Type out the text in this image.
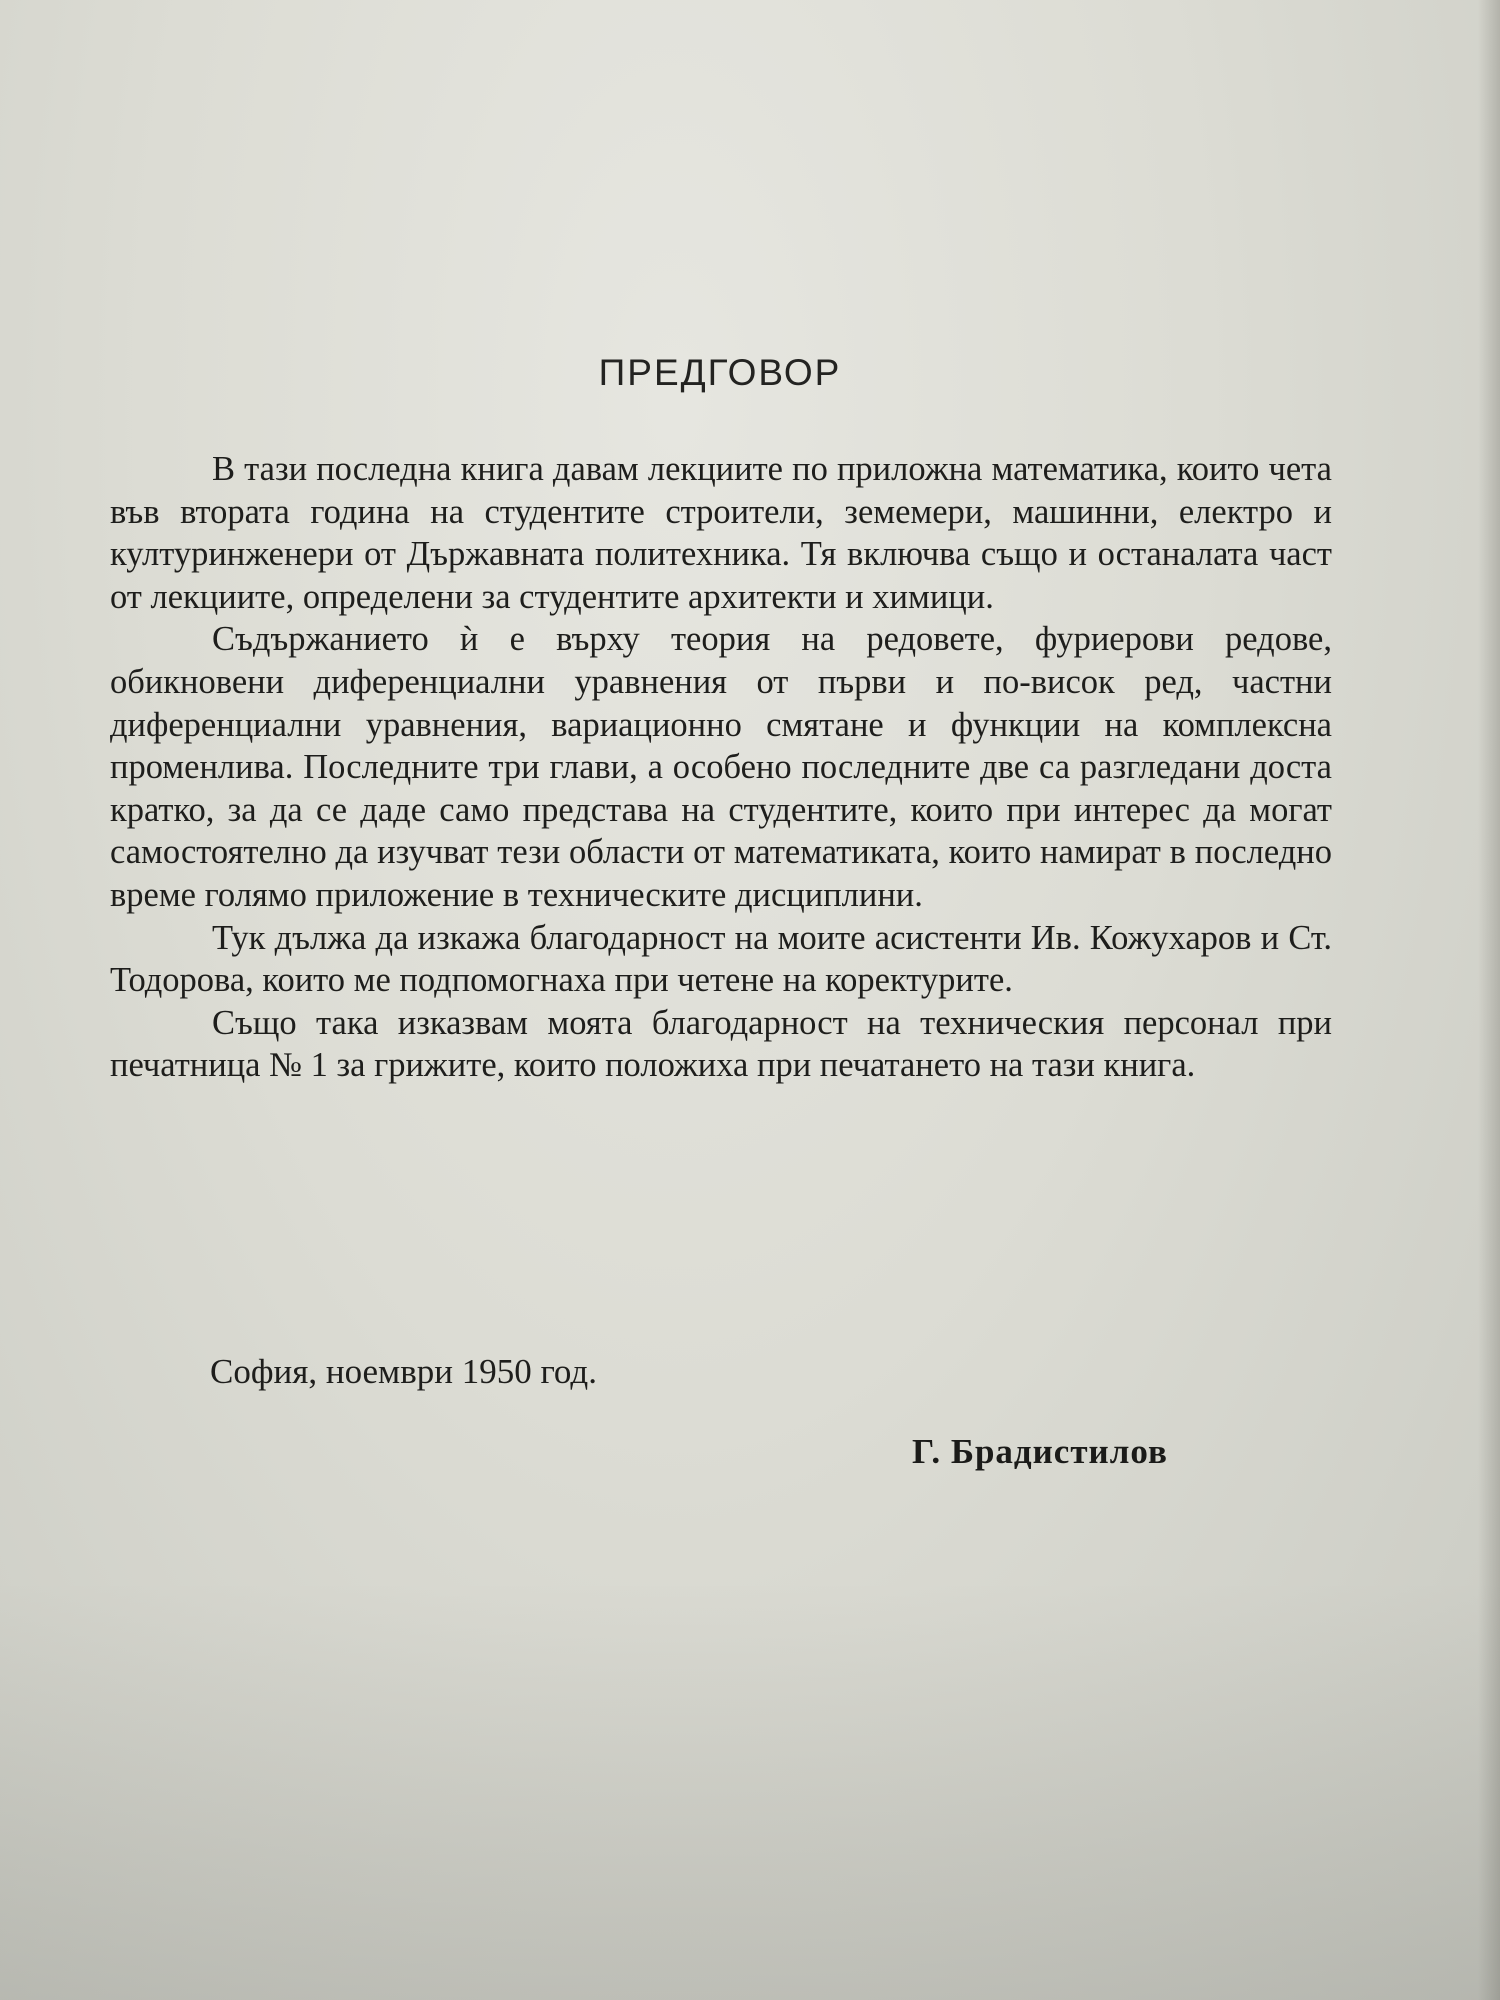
ПРЕДГОВОР

В тази последна книга давам лекциите по приложна математика, които чета във втората година на студентите строители, земемери, машинни, електро и културинженери от Държавната политехника. Тя включва също и останалата част от лекциите, определени за студентите архитекти и химици.

Съдържанието ѝ е върху теория на редовете, фуриерови редове, обикновени диференциални уравнения от първи и по-висок ред, частни диференциални уравнения, вариационно смятане и функции на комплексна променлива. Последните три глави, а особено последните две са разгледани доста кратко, за да се даде само представа на студентите, които при интерес да могат самостоятелно да изучват тези области от математиката, които намират в последно време голямо приложение в техническите дисциплини.

Тук дължа да изкажа благодарност на моите асистенти Ив. Кожухаров и Ст. Тодорова, които ме подпомогнаха при четене на коректурите.

Също така изказвам моята благодарност на техническия персонал при печатница № 1 за грижите, които положиха при печатането на тази книга.

София, ноември 1950 год.
Г. Брадистилов
